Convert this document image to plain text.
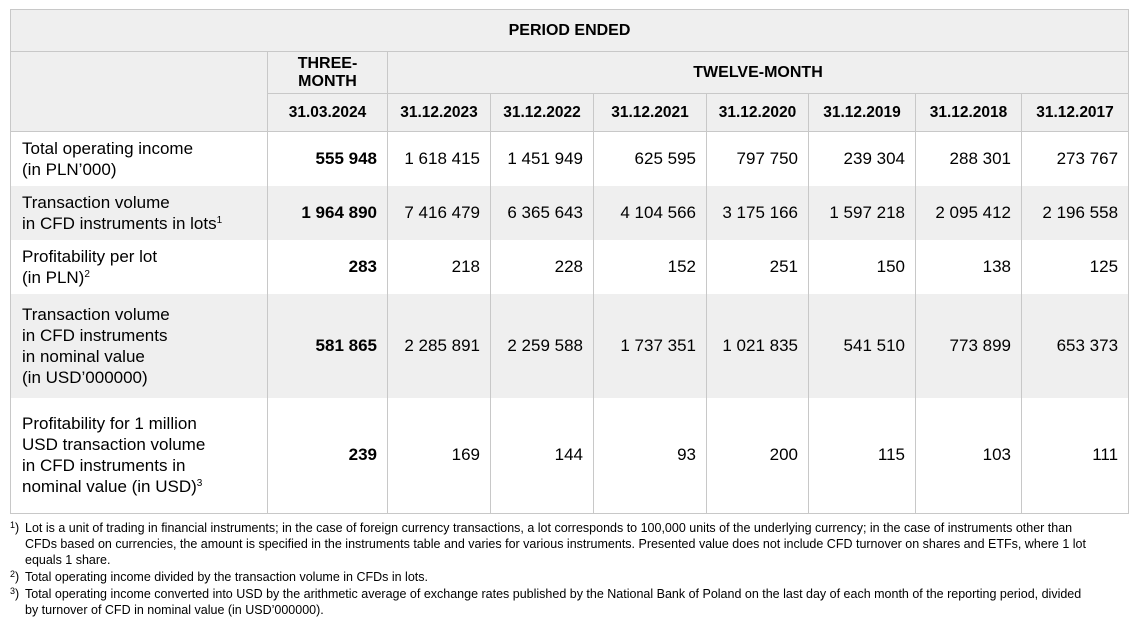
PERIOD ENDED								
	THREE-MONTH	TWELVE-MONTH						
	31.03.2024	31.12.2023	31.12.2022	31.12.2021	31.12.2020	31.12.2019	31.12.2018	31.12.2017

Total operating income
(in PLN’000)	555 948	1 618 415	1 451 949	625 595	797 750	239 304	288 301	273 767

Transaction volume
in CFD instruments in lots$^1$	1 964 890	7 416 479	6 365 643	4 104 566	3 175 166	1 597 218	2 095 412	2 196 558

Profitability per lot
(in PLN)$^2$	283	218	228	152	251	150	138	125

Transaction volume
in CFD instruments
in nominal value
(in USD’000000)	581 865	2 285 891	2 259 588	1 737 351	1 021 835	541 510	773 899	653 373

Profitability for 1 million
USD transaction volume
in CFD instruments in
nominal value (in USD)$^3$	239	169	144	93	200	115	103	111
$^1$) Lot is a unit of trading in financial instruments; in the case of foreign currency transactions, a lot corresponds to 100,000 units of the underlying currency; in the case of instruments other than CFDs based on currencies, the amount is specified in the instruments table and varies for various instruments. Presented value does not include CFD turnover on shares and ETFs, where 1 lot equals 1 share.
$^2$) Total operating income divided by the transaction volume in CFDs in lots.
$^3$) Total operating income converted into USD by the arithmetic average of exchange rates published by the National Bank of Poland on the last day of each month of the reporting period, divided by turnover of CFD in nominal value (in USD’000000).
